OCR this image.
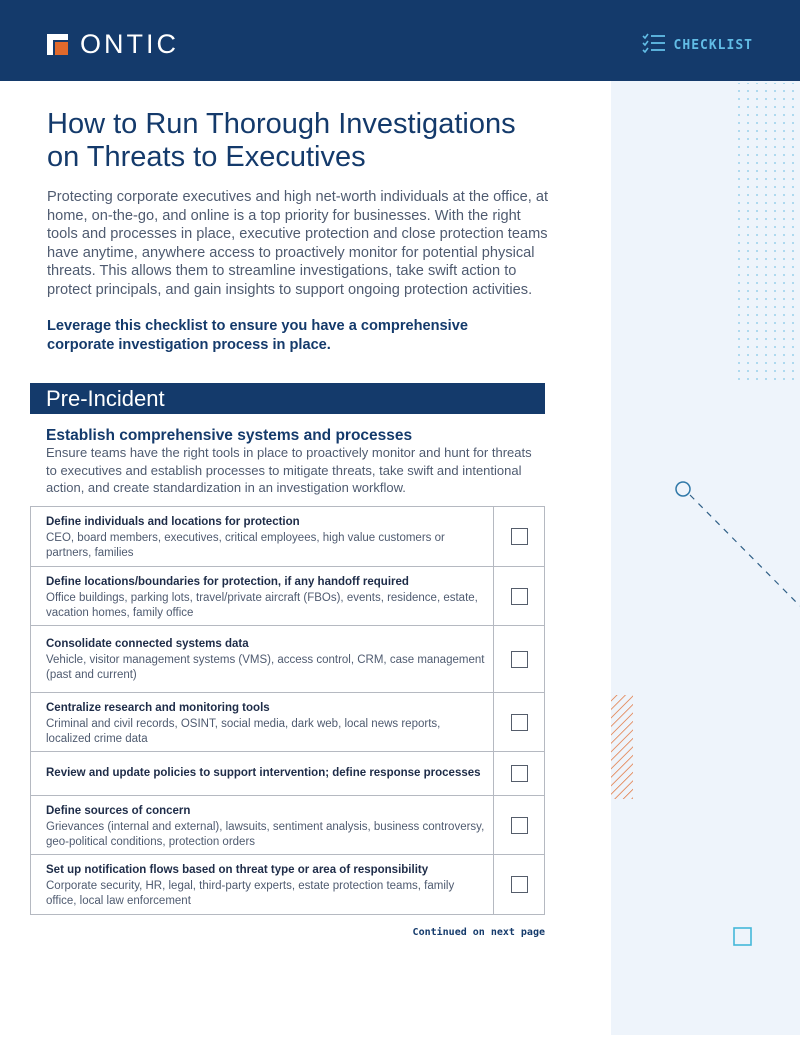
ONTIC	CHECKLIST
How to Run Thorough Investigations
on Threats to Executives

Protecting corporate executives and high net-worth individuals at the office, at home, on-the-go, and online is a top priority for businesses. With the right tools and processes in place, executive protection and close protection teams have anytime, anywhere access to proactively monitor for potential physical threats. This allows them to streamline investigations, take swift action to protect principals, and gain insights to support ongoing protection activities.

Leverage this checklist to ensure you have a comprehensive corporate investigation process in place.

Pre-Incident
Establish comprehensive systems and processes

Ensure teams have the right tools in place to proactively monitor and hunt for threats to executives and establish processes to mitigate threats, take swift and intentional action, and create standardization in an investigation workflow.

Define individuals and locations for protection
CEO, board members, executives, critical employees, high value customers or partners, families
Define locations/boundaries for protection, if any handoff required
Office buildings, parking lots, travel/private aircraft (FBOs), events, residence, estate, vacation homes, family office
Consolidate connected systems data
Vehicle, visitor management systems (VMS), access control, CRM, case management (past and current)
Centralize research and monitoring tools
Criminal and civil records, OSINT, social media, dark web, local news reports, localized crime data
Review and update policies to support intervention; define response processes
Define sources of concern
Grievances (internal and external), lawsuits, sentiment analysis, business controversy, geo-political conditions, protection orders
Set up notification flows based on threat type or area of responsibility
Corporate security, HR, legal, third-party experts, estate protection teams, family office, local law enforcement
Continued on next page
